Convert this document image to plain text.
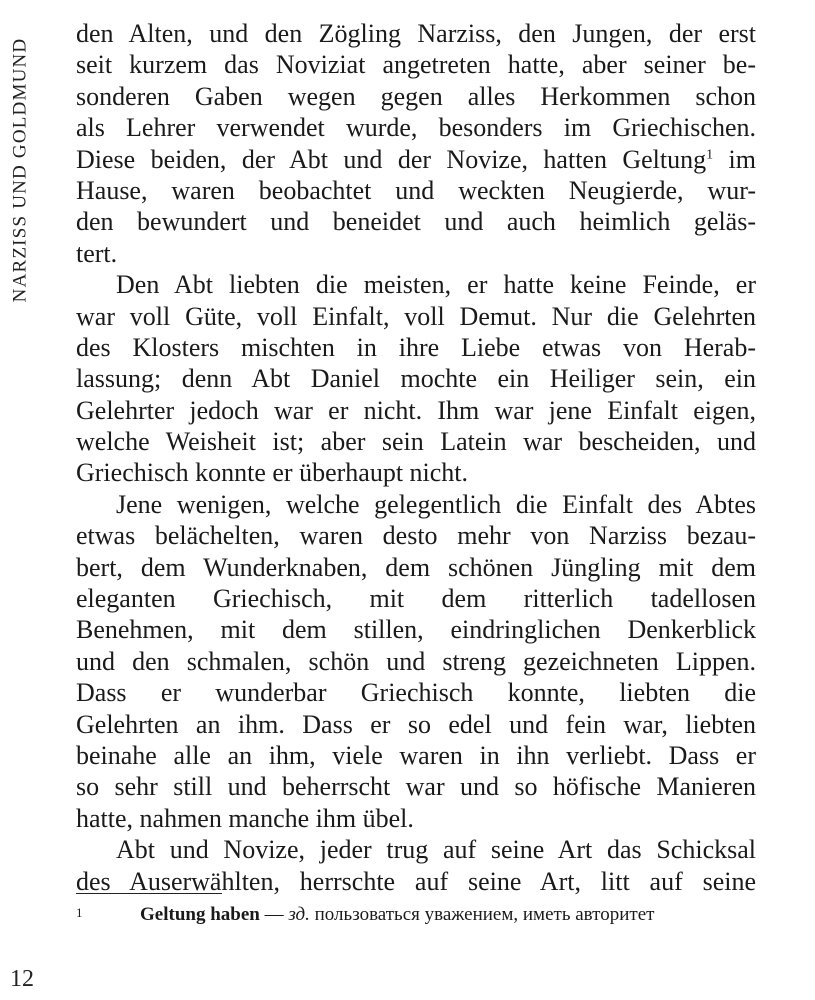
NARZISS UND GOLDMUND
den Alten, und den Zögling Narziss, den Jungen, der erst
seit kurzem das Noviziat angetreten hatte, aber seiner be-
sonderen Gaben wegen gegen alles Herkommen schon
als Lehrer verwendet wurde, besonders im Griechischen.
Diese beiden, der Abt und der Novize, hatten Geltung$^1$ im
Hause, waren beobachtet und weckten Neugierde, wur-
den bewundert und beneidet und auch heimlich geläs-
tert.
Den Abt liebten die meisten, er hatte keine Feinde, er
war voll Güte, voll Einfalt, voll Demut. Nur die Gelehrten
des Klosters mischten in ihre Liebe etwas von Herab-
lassung; denn Abt Daniel mochte ein Heiliger sein, ein
Gelehrter jedoch war er nicht. Ihm war jene Einfalt eigen,
welche Weisheit ist; aber sein Latein war bescheiden, und
Griechisch konnte er überhaupt nicht.
Jene wenigen, welche gelegentlich die Einfalt des Abtes
etwas belächelten, waren desto mehr von Narziss bezau-
bert, dem Wunderknaben, dem schönen Jüngling mit dem
eleganten Griechisch, mit dem ritterlich tadellosen
Benehmen, mit dem stillen, eindringlichen Denkerblick
und den schmalen, schön und streng gezeichneten Lippen.
Dass er wunderbar Griechisch konnte, liebten die
Gelehrten an ihm. Dass er so edel und fein war, liebten
beinahe alle an ihm, viele waren in ihn verliebt. Dass er
so sehr still und beherrscht war und so höfische Manieren
hatte, nahmen manche ihm übel.
Abt und Novize, jeder trug auf seine Art das Schicksal
des Auserwählten, herrschte auf seine Art, litt auf seine
1	Geltung haben — зд. пользоваться уважением, иметь авторитет
12
